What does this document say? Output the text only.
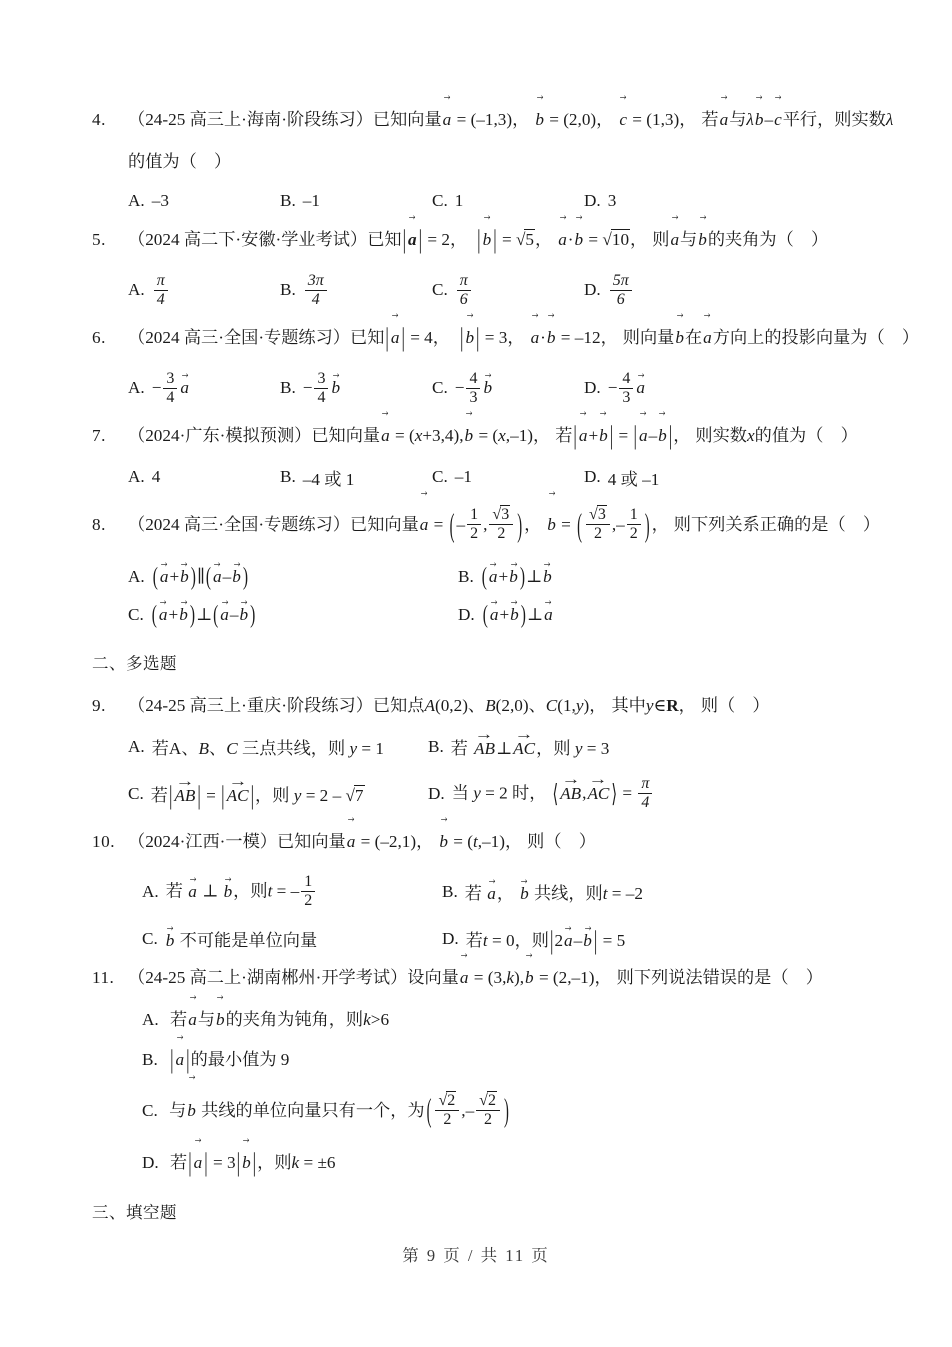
4.	（24-25 高三上·海南·阶段练习）已知向量a → = (–1,3)， b → = (2,0)， c → = (1,3)， 若a →与λb →–c →平行，则实数λ
的值为（　）
A. –3	B. –1	C. 1	D. 3
5.	（2024 高二下·安徽·学业考试）已知| a → | = 2， | b → | = √5， a →·b → = √10， 则a →与b →的夹角为（　）
A. $\frac{\pi}{4}$	B. $\frac{3\pi}{4}$	C. $\frac{\pi}{6}$	D. $\frac{5\pi}{6}$
6.	（2024 高三·全国·专题练习）已知| a → | = 4， | b → | = 3， a →·b → = –12， 则向量b →在a →方向上的投影向量为（　）
A. − $\frac{3}{4}$ a →	B. − $\frac{3}{4}$ b →	C. − $\frac{4}{3}$ b →	D. − $\frac{4}{3}$ a →
7.	（2024·广东·模拟预测）已知向量a → = (x+3,4),b → = (x,–1)， 若| a →+b → | = | a →–b → |， 则实数x的值为（　）
A. 4	B. –4 或 1	C. –1	D. 4 或 –1
8.	（2024 高三·全国·专题练习）已知向量a → = ( – $\frac{1}{2}$ , $\frac{√3}{2}$ ) ， b → = ( $\frac{√3}{2}$ ,– $\frac{1}{2}$ ) ， 则下列关系正确的是（　）
A. ( a →+b → )∥( a →–b → )	B. ( a →+b → )⊥b →
C. ( a →+b → )⊥( a →–b → )	D. ( a →+b → )⊥a →
二、多选题
9.	（24-25 高三上·重庆·阶段练习）已知点A(0,2)、B(2,0)、C(1,y)， 其中y∈R， 则（　）
A. 若A、B、C 三点共线，则 y = 1	B. 若 AB →⊥AC →，则 y = 3
C. 若| AB → | = | AC → |，则 y = 2 – √7	D. 当 y = 2 时， ⟨ AB →,AC → ⟩ = $\frac{\pi}{4}$
10. （2024·江西·一模）已知向量a → = (–2,1)， b → = (t,–1)， 则（　）
A. 若 a → ⊥ b →，则t = – $\frac{1}{2}$	B. 若 a →， b → 共线，则t = –2
C. b → 不可能是单位向量	D. 若t = 0，则|2a →–b → | = 5
11. （24-25 高二上·湖南郴州·开学考试）设向量a → = (3,k),b → = (2,–1)， 则下列说法错误的是（　）
A. 若a →与b →的夹角为钝角，则k>6
B. | a → |的最小值为 9
C. 与b → 共线的单位向量只有一个，为 ( $\frac{√2}{2}$ ,– $\frac{√2}{2}$ )
D. 若| a → | = 3| b → |，则k = ±6
三、填空题
第 9 页 / 共 11 页
